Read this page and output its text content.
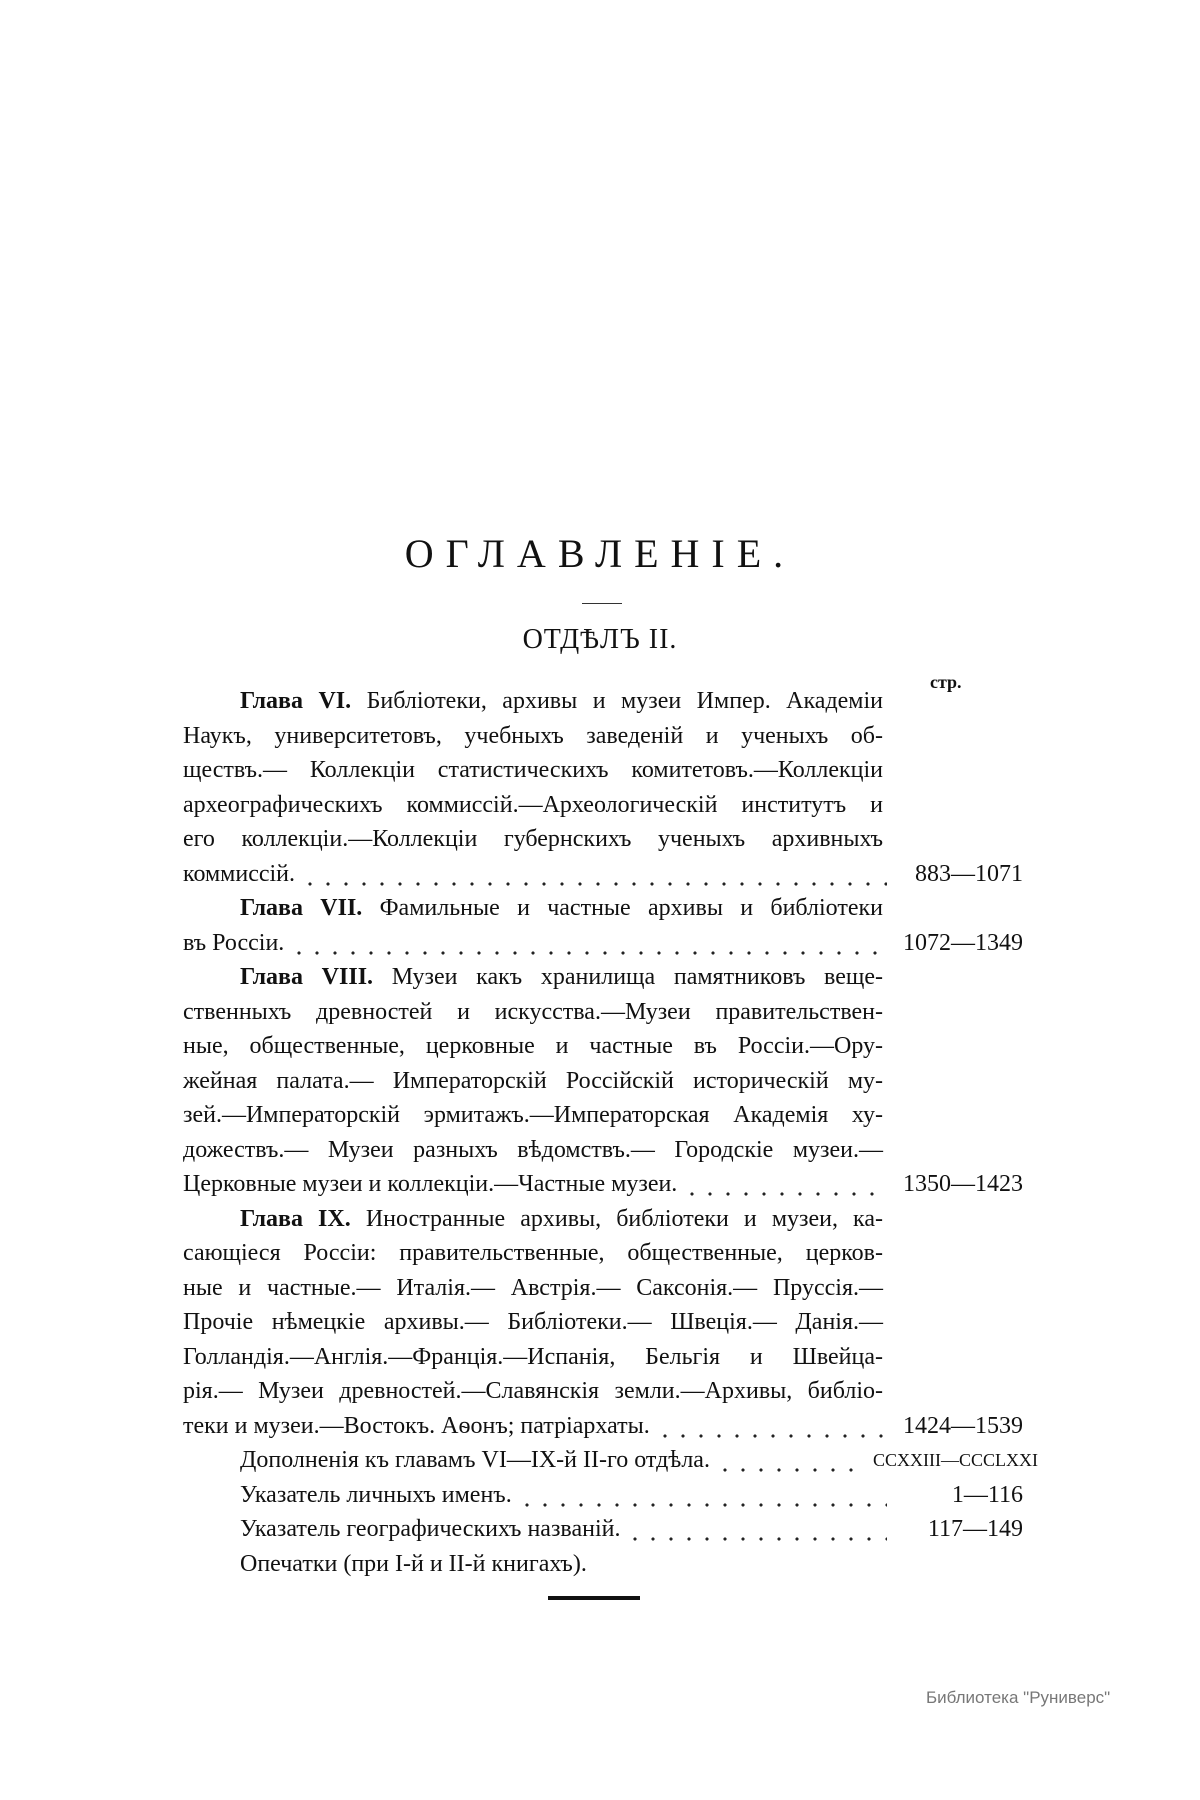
ОГЛАВЛЕНІЕ.
ОТДѢЛЪ II.
стр.
Глава VI. Библіотеки, архивы и музеи Импер. Академіи
Наукъ, университетовъ, учебныхъ заведеній и ученыхъ об-
ществъ.— Коллекціи статистическихъ комитетовъ.—Коллекціи
археографическихъ коммиссій.—Археологическій институтъ и
его коллекціи.—Коллекціи губернскихъ ученыхъ архивныхъ
коммиссій.	883—1071
Глава VII. Фамильные и частные архивы и библіотеки
въ Россіи.	1072—1349
Глава VIII. Музеи какъ хранилища памятниковъ веще-
ственныхъ древностей и искусства.—Музеи правительствен-
ные, общественные, церковные и частные въ Россіи.—Ору-
жейная палата.— Императорскій Россійскій историческій му-
зей.—Императорскій эрмитажъ.—Императорская Академія ху-
дожествъ.— Музеи разныхъ вѣдомствъ.— Городскіе музеи.—
Церковные музеи и коллекціи.—Частные музеи.	1350—1423
Глава IX. Иностранные архивы, библіотеки и музеи, ка-
сающіеся Россіи: правительственные, общественные, церков-
ные и частные.— Италія.— Австрія.— Саксонія.— Пруссія.—
Прочіе нѣмецкіе архивы.— Библіотеки.— Швеція.— Данія.—
Голландія.—Англія.—Франція.—Испанія, Бельгія и Швейца-
рія.— Музеи древностей.—Славянскія земли.—Архивы, библіо-
теки и музеи.—Востокъ. Аѳонъ; патріархаты.	1424—1539
Дополненія къ главамъ VI—IX-й II-го отдѣла.	CCXXIII—CCCLXXI
Указатель личныхъ именъ.	1—116
Указатель географическихъ названій.	117—149
Опечатки (при I-й и II-й книгахъ).
Библиотека "Руниверс"
